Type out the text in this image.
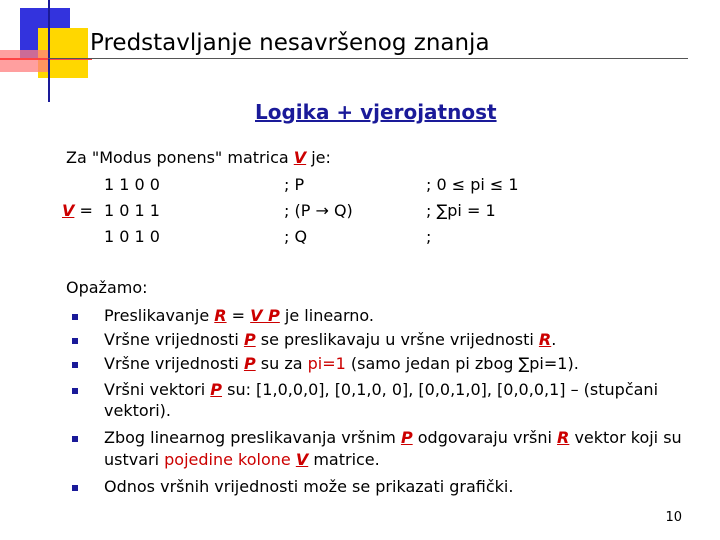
Predstavljanje nesavršenog znanja
Logika + vjerojatnost
Za "Modus ponens" matrica V je:
1 1 0 0	; P	; 0 ≤ pi ≤ 1
V = 1 0 1 1	; (P → Q)	; ∑pi = 1
1 0 1 0	; Q	;
Opažamo:
Preslikavanje R = V P je linearno.
Vršne vrijednosti P se preslikavaju u vršne vrijednosti R.
Vršne vrijednosti P su za pi=1 (samo jedan pi zbog ∑pi=1).
Vršni vektori P su: [1,0,0,0], [0,1,0, 0], [0,0,1,0], [0,0,0,1] – (stupčani
vektori).
Zbog linearnog preslikavanja vršnim P odgovaraju vršni R vektor koji su
ustvari pojedine kolone V matrice.
Odnos vršnih vrijednosti može se prikazati grafički.
10
